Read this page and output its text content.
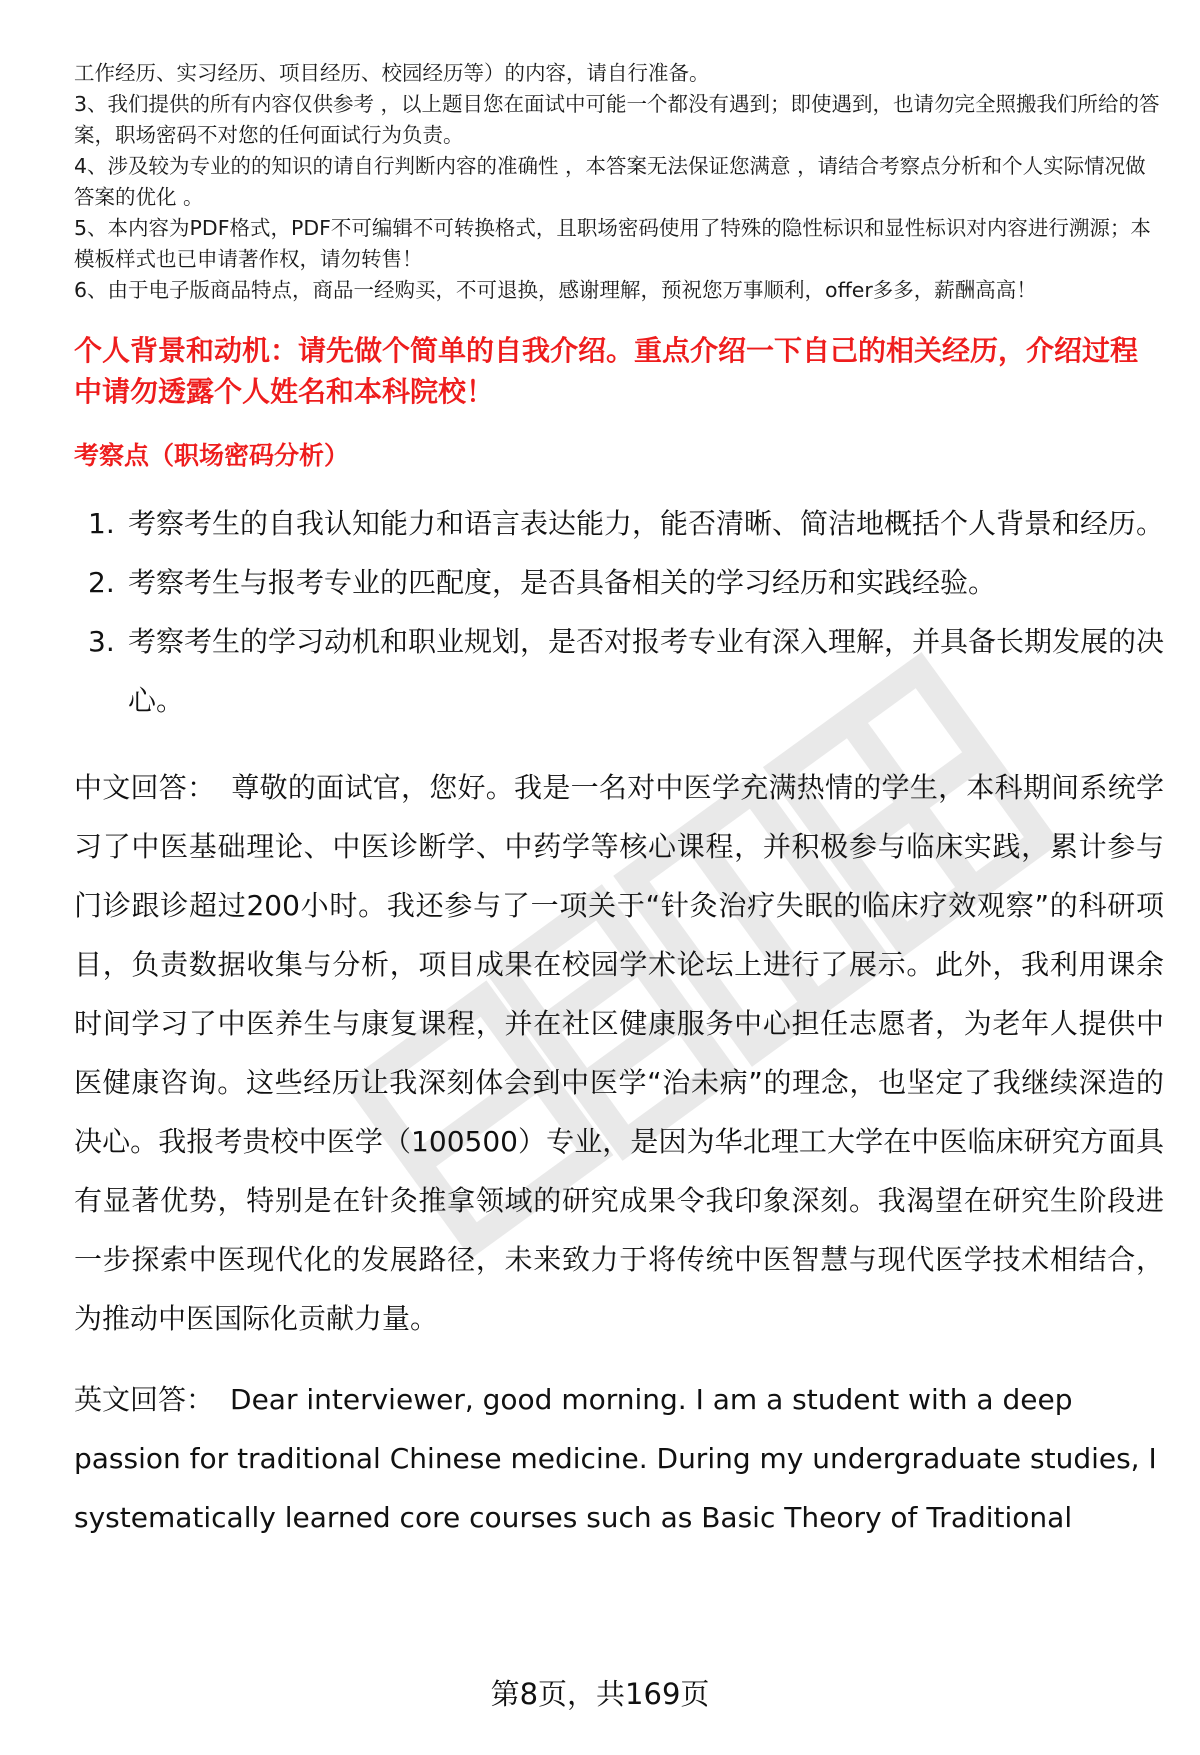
工作经历、实习经历、项目经历、校园经历等）的内容，请自行准备。

3、我们提供的所有内容仅供参考 ，以上题目您在面试中可能一个都没有遇到；即使遇到，也请勿完全照搬我们所给的答案，职场密码不对您的任何面试行为负责。

4、涉及较为专业的的知识的请自行判断内容的准确性 ，本答案无法保证您满意 ，请结合考察点分析和个人实际情况做答案的优化 。

5、本内容为PDF格式，PDF不可编辑不可转换格式，且职场密码使用了特殊的隐性标识和显性标识对内容进行溯源；本模板样式也已申请著作权，请勿转售！

6、由于电子版商品特点，商品一经购买，不可退换，感谢理解，预祝您万事顺利，offer多多，薪酬高高！

个人背景和动机：请先做个简单的自我介绍。重点介绍一下自己的相关经历，介绍过程中请勿透露个人姓名和本科院校！
考察点（职场密码分析）
1. 考察考生的自我认知能力和语言表达能力，能否清晰、简洁地概括个人背景和经历。
2. 考察考生与报考专业的匹配度，是否具备相关的学习经历和实践经验。
3. 考察考生的学习动机和职业规划，是否对报考专业有深入理解，并具备长期发展的决心。
中文回答： 尊敬的面试官，您好。我是一名对中医学充满热情的学生，本科期间系统学习了中医基础理论、中医诊断学、中药学等核心课程，并积极参与临床实践，累计参与门诊跟诊超过200小时。我还参与了一项关于“针灸治疗失眠的临床疗效观察”的科研项目，负责数据收集与分析，项目成果在校园学术论坛上进行了展示。此外，我利用课余时间学习了中医养生与康复课程，并在社区健康服务中心担任志愿者，为老年人提供中医健康咨询。这些经历让我深刻体会到中医学“治未病”的理念，也坚定了我继续深造的决心。我报考贵校中医学（100500）专业，是因为华北理工大学在中医临床研究方面具有显著优势，特别是在针灸推拿领域的研究成果令我印象深刻。我渴望在研究生阶段进一步探索中医现代化的发展路径，未来致力于将传统中医智慧与现代医学技术相结合，为推动中医国际化贡献力量。
英文回答： Dear interviewer, good morning. I am a student with a deep passion for traditional Chinese medicine. During my undergraduate studies, I systematically learned core courses such as Basic Theory of Traditional
第8页，共169页
